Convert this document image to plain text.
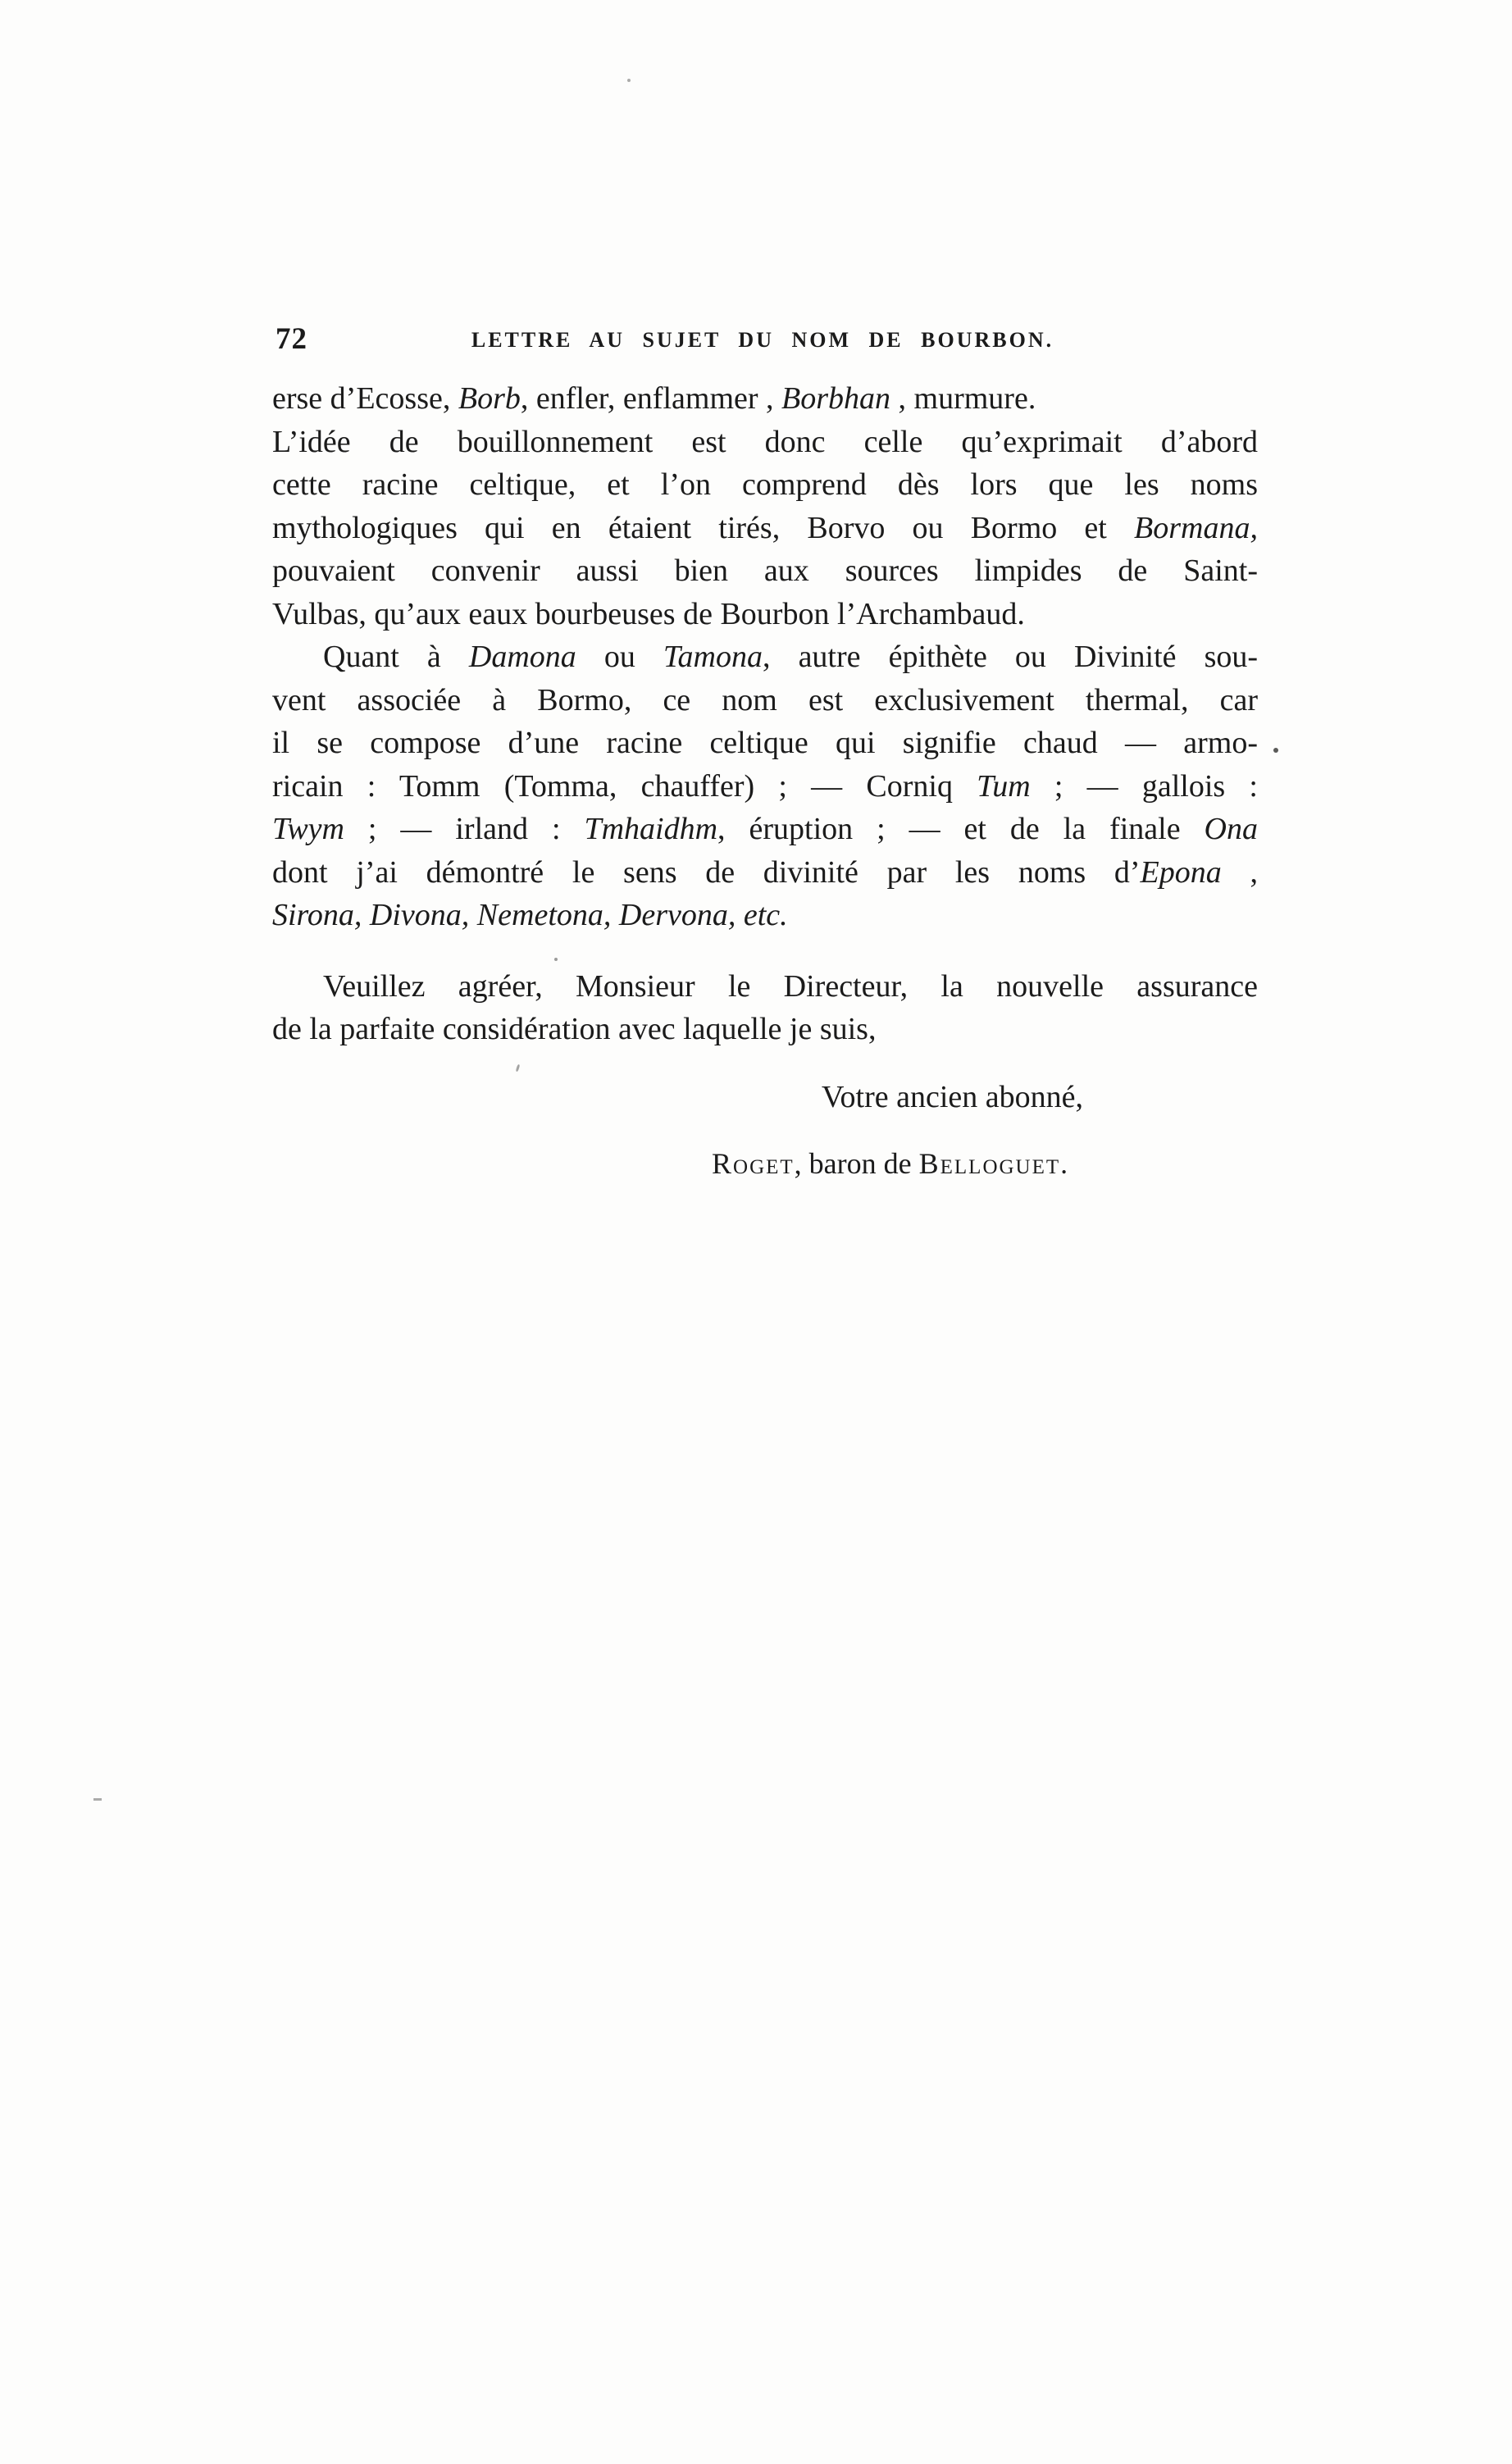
72	LETTRE AU SUJET DU NOM DE BOURBON.
erse d’Ecosse, Borb, enfler, enflammer , Borbhan , murmure.
L’idée de bouillonnement est donc celle qu’exprimait d’abord
cette racine celtique, et l’on comprend dès lors que les noms
mythologiques qui en étaient tirés, Borvo ou Bormo et Bormana,
pouvaient convenir aussi bien aux sources limpides de Saint-
Vulbas, qu’aux eaux bourbeuses de Bourbon l’Archambaud.
Quant à Damona ou Tamona, autre épithète ou Divinité sou-
vent associée à Bormo, ce nom est exclusivement thermal, car
il se compose d’une racine celtique qui signifie chaud — armo-
ricain : Tomm (Tomma, chauffer) ; — Corniq Tum ; — gallois :
Twym ; — irland : Tmhaidhm, éruption ; — et de la finale Ona
dont j’ai démontré le sens de divinité par les noms d’Epona ,
Sirona, Divona, Nemetona, Dervona, etc.
Veuillez agréer, Monsieur le Directeur, la nouvelle assurance
de la parfaite considération avec laquelle je suis,
Votre ancien abonné,
Roget, baron de Belloguet.
